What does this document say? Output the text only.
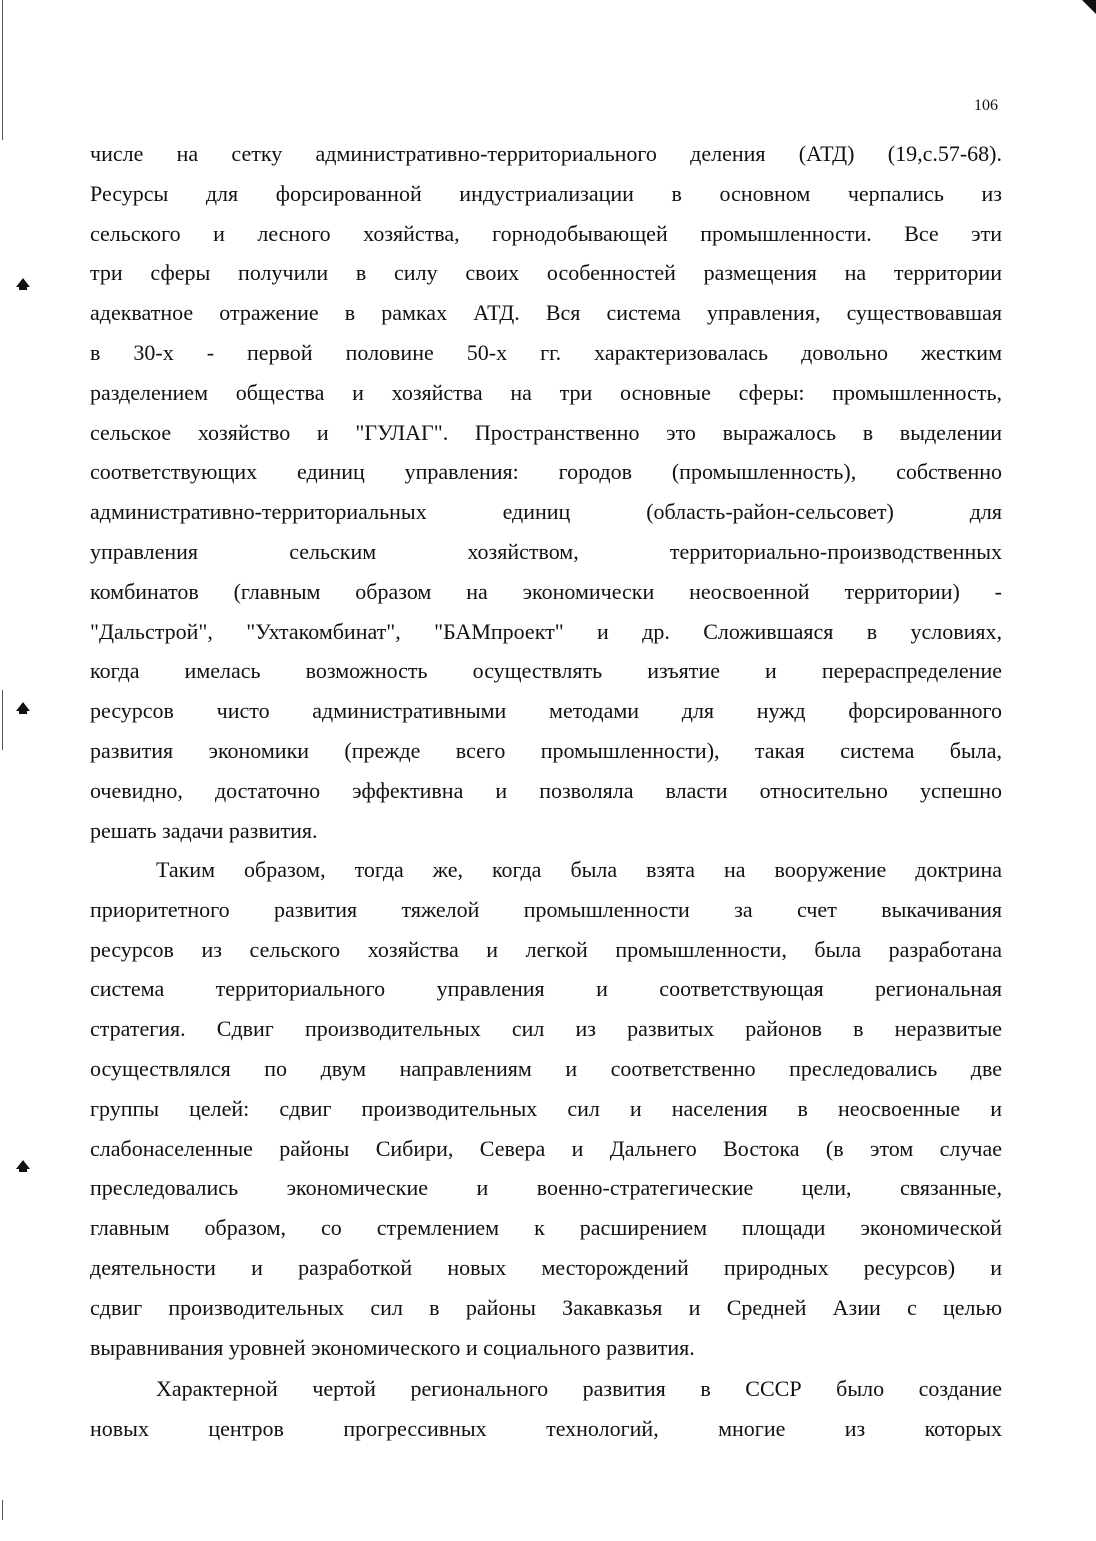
106
числе на сетку административно-территориального деления (АТД) (19,с.57-68).
Ресурсы для форсированной индустриализации в основном черпались из
сельского и лесного хозяйства, горнодобывающей промышленности. Все эти
три сферы получили в силу своих особенностей размещения на территории
адекватное отражение в рамках АТД. Вся система управления, существовавшая
в 30-х - первой половине 50-х гг. характеризовалась довольно жестким
разделением общества и хозяйства на три основные сферы: промышленность,
сельское хозяйство и "ГУЛАГ". Пространственно это выражалось в выделении
соответствующих единиц управления: городов (промышленность), собственно
административно-территориальных единиц (область-район-сельсовет) для
управления сельским хозяйством, территориально-производственных
комбинатов (главным образом на экономически неосвоенной территории) -
"Дальстрой", "Ухтакомбинат", "БАМпроект" и др. Сложившаяся в условиях,
когда имелась возможность осуществлять изъятие и перераспределение
ресурсов чисто административными методами для нужд форсированного
развития экономики (прежде всего промышленности), такая система была,
очевидно, достаточно эффективна и позволяла власти относительно успешно
решать задачи развития.
Таким образом, тогда же, когда была взята на вооружение доктрина
приоритетного развития тяжелой промышленности за счет выкачивания
ресурсов из сельского хозяйства и легкой промышленности, была разработана
система территориального управления и соответствующая региональная
стратегия. Сдвиг производительных сил из развитых районов в неразвитые
осуществлялся по двум направлениям и соответственно преследовались две
группы целей: сдвиг производительных сил и населения в неосвоенные и
слабонаселенные районы Сибири, Севера и Дальнего Востока (в этом случае
преследовались экономические и военно-стратегические цели, связанные,
главным образом, со стремлением к расширением площади экономической
деятельности и разработкой новых месторождений природных ресурсов) и
сдвиг производительных сил в районы Закавказья и Средней Азии с целью
выравнивания уровней экономического и социального развития.
Характерной чертой регионального развития в СССР было создание
новых центров прогрессивных технологий, многие из которых
